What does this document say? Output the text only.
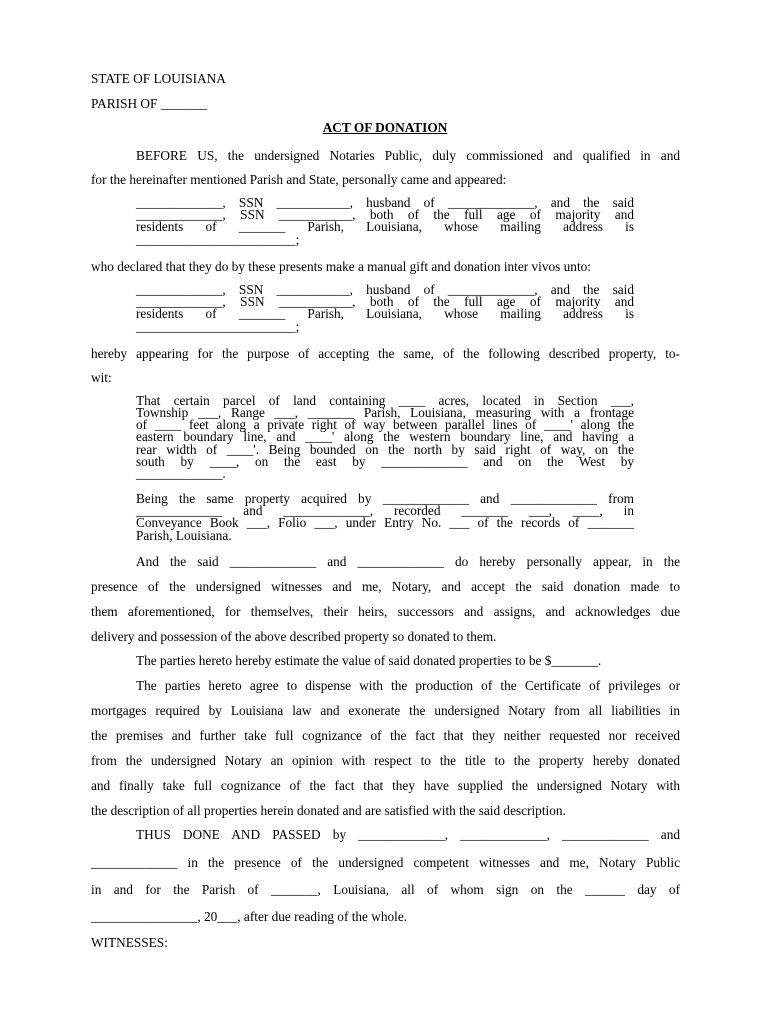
STATE OF LOUISIANA
PARISH OF _______
ACT OF DONATION
BEFORE US, the undersigned Notaries Public, duly commissioned and qualified in and
for the hereinafter mentioned Parish and State, personally came and appeared:
_____________, SSN ___________, husband of _____________, and the said
_____________, SSN ___________, both of the full age of majority and
residents of _______ Parish, Louisiana, whose mailing address is
________________________;
who declared that they do by these presents make a manual gift and donation inter vivos unto:
_____________, SSN ___________, husband of _____________, and the said
_____________, SSN ___________, both of the full age of majority and
residents of _______ Parish, Louisiana, whose mailing address is
________________________;
hereby appearing for the purpose of accepting the same, of the following described property, to-
wit:
That certain parcel of land containing ____ acres, located in Section ___,
Township ___, Range ___, _______ Parish, Louisiana, measuring with a frontage
of ____ feet along a private right of way between parallel lines of ____' along the
eastern boundary line, and ____' along the western boundary line, and having a
rear width of ____'. Being bounded on the north by said right of way, on the
south by ____, on the east by _____________ and on the West by
_____________.
Being the same property acquired by _____________ and _____________ from
_____________ and _____________, recorded _______ ___, ____, in
Conveyance Book ___, Folio ___, under Entry No. ___ of the records of _______
Parish, Louisiana.
And the said _____________ and _____________ do hereby personally appear, in the
presence of the undersigned witnesses and me, Notary, and accept the said donation made to
them aforementioned, for themselves, their heirs, successors and assigns, and acknowledges due
delivery and possession of the above described property so donated to them.
The parties hereto hereby estimate the value of said donated properties to be $_______.
The parties hereto agree to dispense with the production of the Certificate of privileges or
mortgages required by Louisiana law and exonerate the undersigned Notary from all liabilities in
the premises and further take full cognizance of the fact that they neither requested nor received
from the undersigned Notary an opinion with respect to the title to the property hereby donated
and finally take full cognizance of the fact that they have supplied the undersigned Notary with
the description of all properties herein donated and are satisfied with the said description.
THUS DONE AND PASSED by _____________, _____________, _____________ and
_____________ in the presence of the undersigned competent witnesses and me, Notary Public
in and for the Parish of _______, Louisiana, all of whom sign on the ______ day of
________________, 20___, after due reading of the whole.
WITNESSES:
